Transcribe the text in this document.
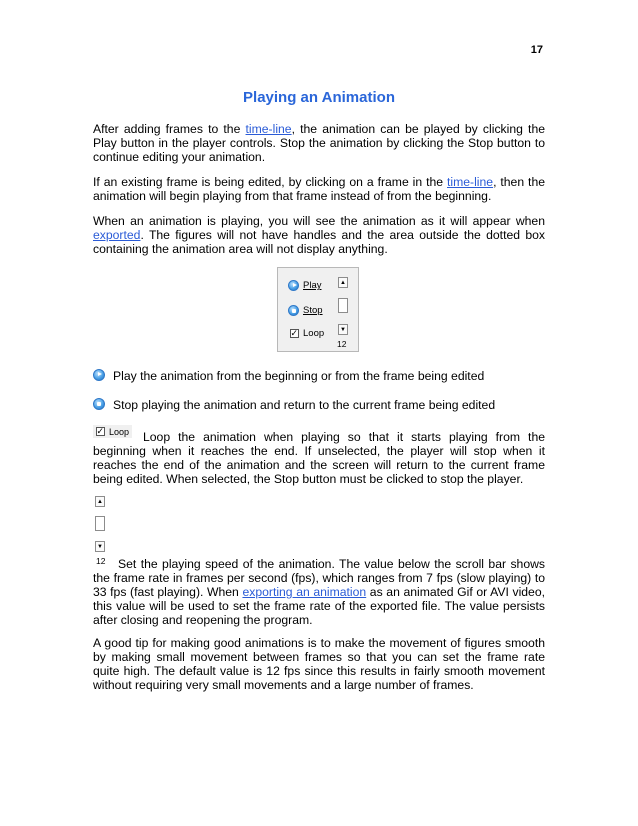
17
Playing an Animation

After adding frames to the time-line, the animation can be played by clicking the Play button in the player controls. Stop the animation by clicking the Stop button to continue editing your animation.

If an existing frame is being edited, by clicking on a frame in the time-line, then the animation will begin playing from that frame instead of from the beginning.

When an animation is playing, you will see the animation as it will appear when exported. The figures will not have handles and the area outside the dotted box containing the animation area will not display anything.

Play
Stop
✓
Loop
▲
▼
12
Play the animation from the beginning or from the frame being edited
Stop playing the animation and return to the current frame being edited
✓
Loop	Loop the animation when playing so that it starts playing from the beginning when it reaches the end. If unselected, the player will stop when it reaches the end of the animation and the screen will return to the current frame being edited. When selected, the Stop button must be clicked to stop the player.

▲
▼
12	Set the playing speed of the animation. The value below the scroll bar shows the frame rate in frames per second (fps), which ranges from 7 fps (slow playing) to 33 fps (fast playing). When exporting an animation as an animated Gif or AVI video, this value will be used to set the frame rate of the exported file. The value persists after closing and reopening the program.

A good tip for making good animations is to make the movement of figures smooth by making small movement between frames so that you can set the frame rate quite high. The default value is 12 fps since this results in fairly smooth movement without requiring very small movements and a large number of frames.
